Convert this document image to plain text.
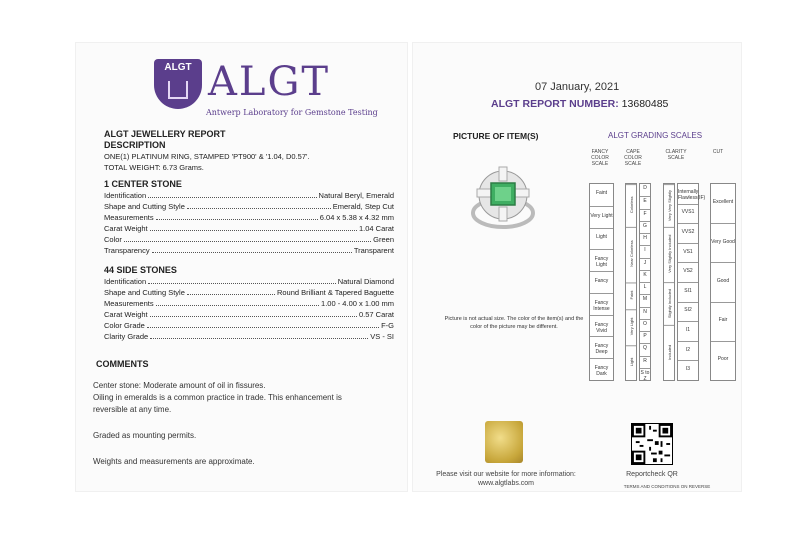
ALGT ALGT
Antwerp Laboratory for Gemstone Testing
ALGT JEWELLERY REPORT
DESCRIPTION
ONE(1) PLATINUM RING, STAMPED 'PT900' & '1.04, D0.57'.
TOTAL WEIGHT: 6.73 Grams.
1 CENTER STONE
Identification	Natural Beryl, Emerald
Shape and Cutting Style	Emerald, Step Cut
Measurements	6.04 x 5.38 x 4.32 mm
Carat Weight	1.04 Carat
Color	Green
Transparency	Transparent
44 SIDE STONES
Identification	Natural Diamond
Shape and Cutting Style	Round Brilliant & Tapered Baguette
Measurements	1.00 - 4.00 x 1.00 mm
Carat Weight	0.57 Carat
Color Grade	F-G
Clarity Grade	VS - SI
COMMENTS
Center stone: Moderate amount of oil in fissures.
Oiling in emeralds is a common practice in trade. This enhancement is
reversible at any time.
Graded as mounting permits.
Weights and measurements are approximate.
07 January, 2021
ALGT REPORT NUMBER: 13680485
PICTURE OF ITEM(S)	ALGT GRADING SCALES
Picture is not actual size. The color of the item(s) and the color of the picture may be different.
FANCY COLOR SCALE
CAPE COLOR SCALE
CLARITY SCALE
CUT
Faint
Very Light
Light
Fancy Light
Fancy
Fancy Intense
Fancy Vivid
Fancy Deep
Fancy Dark
Colorless
Near Colorless
Faint
Very Light
Light
D
E
F
G
H
I
J
K
L
M
N
O
P
Q
R
S to Z
Very Very Slightly
Very Slightly Included
Slightly Included
Included
Internally Flawless(IF)
VVS1
VVS2
VS1
VS2
SI1
SI2
I1
I2
I3
Excellent
Very Good
Good
Fair
Poor
Please visit our website for more information:
www.algtlabs.com
Reportcheck QR
TERMS AND CONDITIONS ON REVERSE
